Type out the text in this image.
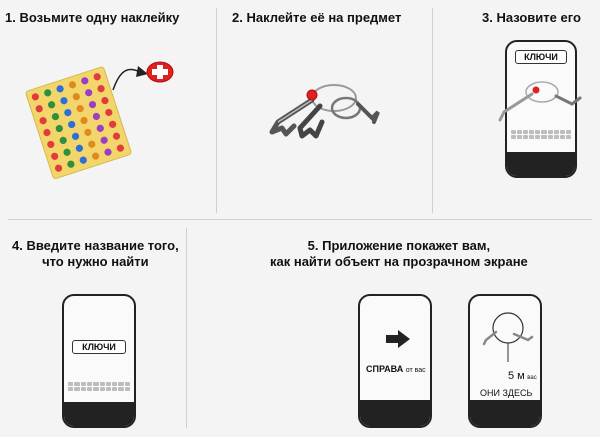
1. Возьмите одну наклейку	2. Наклейте её на предмет	3. Назовите его
КЛЮЧИ
4. Введите название того,
что нужно найти
КЛЮЧИ
5. Приложение покажет вам,
как найти объект на прозрачном экране
СПРАВА от вас	5 м вас
ОНИ ЗДЕСЬ
